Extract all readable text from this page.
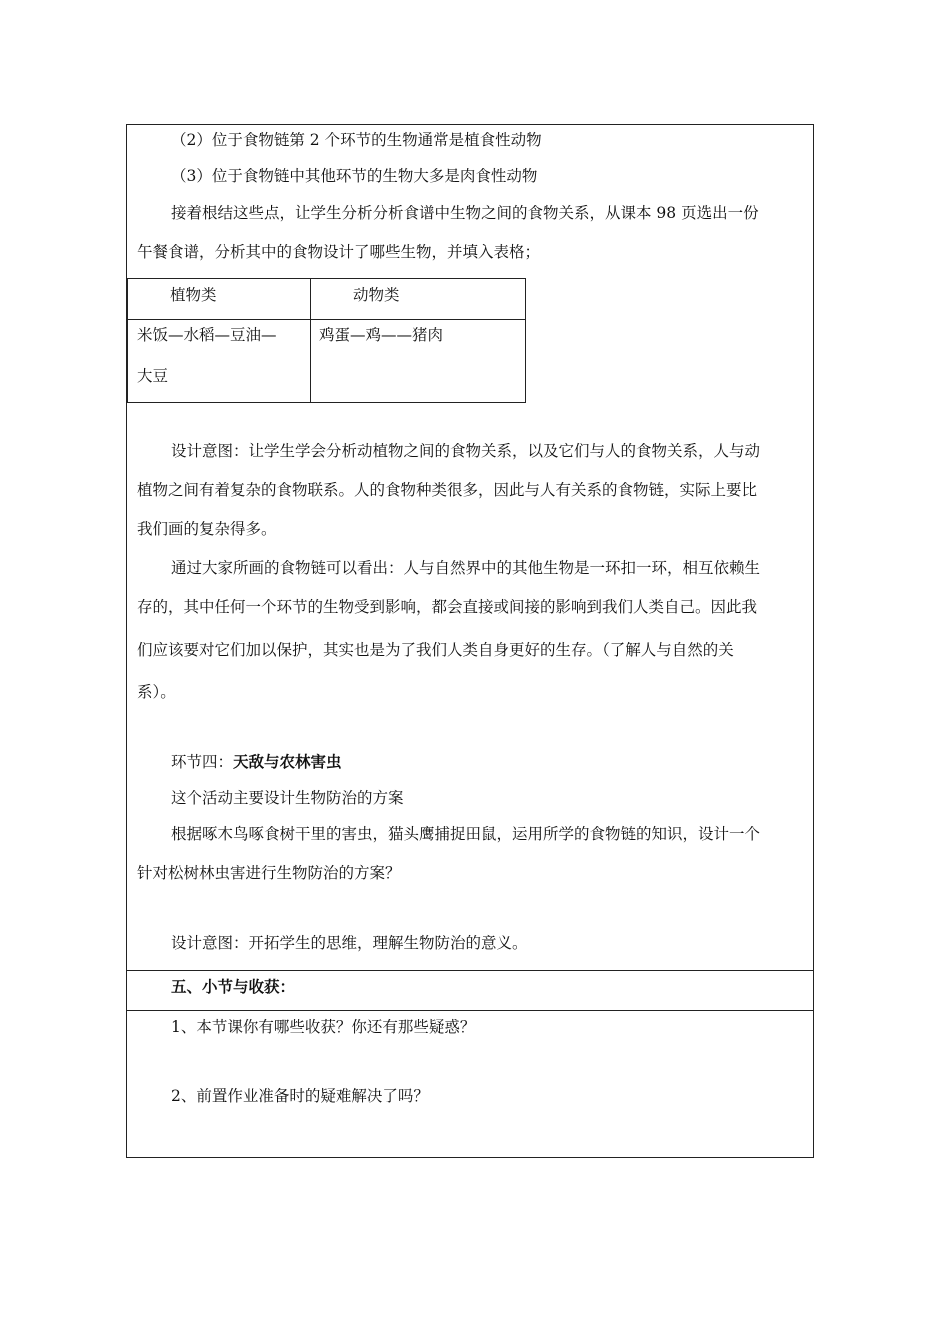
（2）位于食物链第 2 个环节的生物通常是植食性动物
（3）位于食物链中其他环节的生物大多是肉食性动物
接着根结这些点，让学生分析分析食谱中生物之间的食物关系，从课本 98 页选出一份
午餐食谱，分析其中的食物设计了哪些生物，并填入表格；
植物类	动物类
米饭—水稻—豆油—
大豆
鸡蛋—鸡——猪肉
设计意图：让学生学会分析动植物之间的食物关系，以及它们与人的食物关系，人与动
植物之间有着复杂的食物联系。人的食物种类很多，因此与人有关系的食物链，实际上要比
我们画的复杂得多。
通过大家所画的食物链可以看出：人与自然界中的其他生物是一环扣一环，相互依赖生
存的，其中任何一个环节的生物受到影响，都会直接或间接的影响到我们人类自己。因此我
们应该要对它们加以保护，其实也是为了我们人类自身更好的生存。（了解人与自然的关
系）。
环节四：天敌与农林害虫
这个活动主要设计生物防治的方案
根据啄木鸟啄食树干里的害虫，猫头鹰捕捉田鼠，运用所学的食物链的知识，设计一个
针对松树林虫害进行生物防治的方案？
设计意图：开拓学生的思维，理解生物防治的意义。
五、小节与收获：
1、本节课你有哪些收获？你还有那些疑惑？
2、前置作业准备时的疑难解决了吗？
